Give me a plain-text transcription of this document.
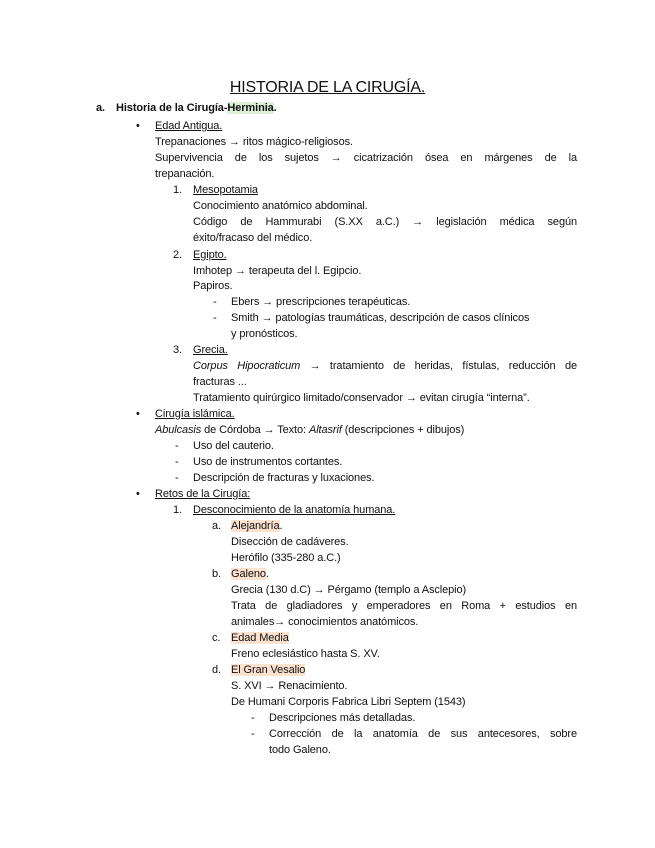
HISTORIA DE LA CIRUGÍA.
a. Historia de la Cirugía-Herminia.
• Edad Antigua.
Trepanaciones → ritos mágico-religiosos.
Supervivencia de los sujetos → cicatrización ósea en márgenes de la
trepanación.
1. Mesopotamia
Conocimiento anatómico abdominal.
Código de Hammurabi (S.XX a.C.) → legislación médica según
éxito/fracaso del médico.
2. Egipto.
Imhotep → terapeuta del l. Egipcio.
Papiros.
- Ebers → prescripciones terapéuticas.
- Smith → patologías traumáticas, descripción de casos clínicos
y pronósticos.
3. Grecia.
Corpus Hipocraticum → tratamiento de heridas, fístulas, reducción de
fracturas ...
Tratamiento quirúrgico limitado/conservador → evitan cirugía “interna”.
• Cirugía islámica.
Abulcasis de Córdoba → Texto: Altasrif (descripciones + dibujos)
- Uso del cauterio.
- Uso de instrumentos cortantes.
- Descripción de fracturas y luxaciones.
• Retos de la Cirugía:
1. Desconocimiento de la anatomía humana.
a. Alejandría.
Disección de cadáveres.
Herófilo (335-280 a.C.)
b. Galeno.
Grecia (130 d.C) → Pérgamo (templo a Asclepio)
Trata de gladiadores y emperadores en Roma + estudios en
animales→ conocimientos anatómicos.
c. Edad Media
Freno eclesiástico hasta S. XV.
d. El Gran Vesalio
S. XVI → Renacimiento.
De Humani Corporis Fabrica Libri Septem (1543)
- Descripciones más detalladas.
- Corrección de la anatomía de sus antecesores, sobre
todo Galeno.
